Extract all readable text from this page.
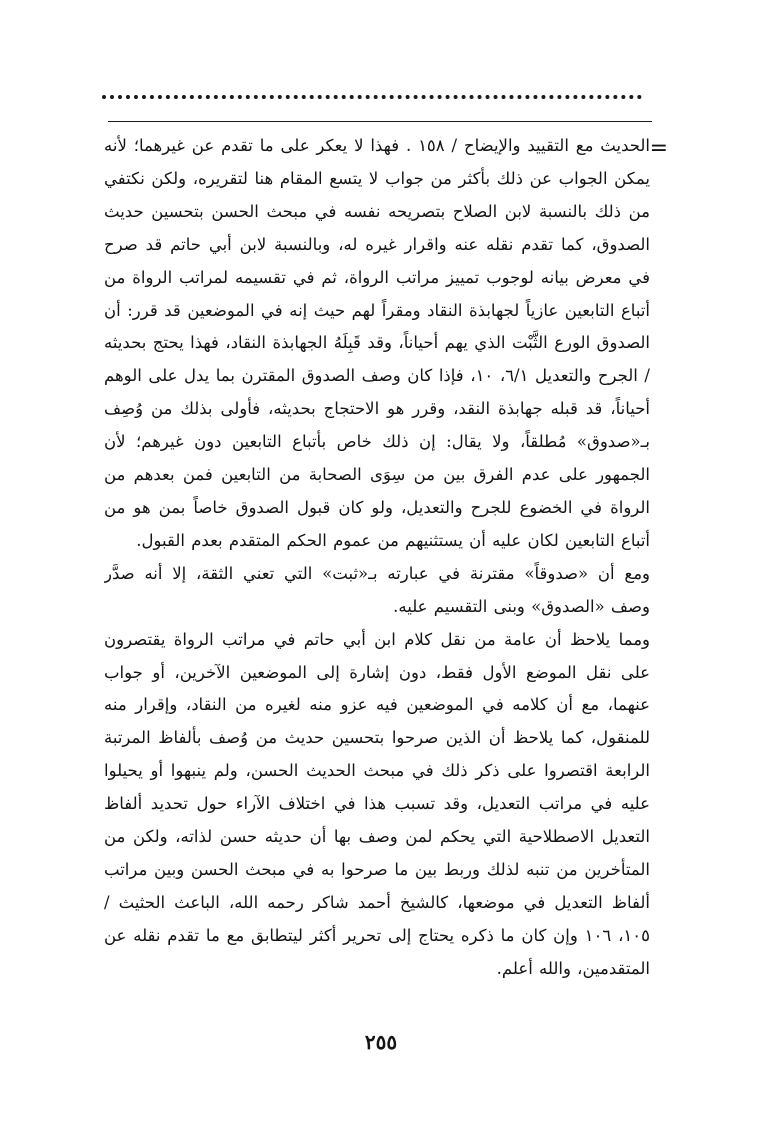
=

الحديث مع التقييد والإيضاح / ١٥٨ . فهذا لا يعكر على ما تقدم عن غيرهما؛ لأنه يمكن الجواب عن ذلك بأكثر من جواب لا يتسع المقام هنا لتقريره، ولكن نكتفي من ذلك بالنسبة لابن الصلاح بتصريحه نفسه في مبحث الحسن بتحسين حديث الصدوق، كما تقدم نقله عنه واقرار غيره له، وبالنسبة لابن أبي حاتم قد صرح في معرض بيانه لوجوب تمييز مراتب الرواة، ثم في تقسيمه لمراتب الرواة من أتباع التابعين عازياً لجهابذة النقاد ومقراً لهم حيث إنه في الموضعين قد قرر: أن الصدوق الورع الثَّبْت الذي يهم أحياناً، وقد قَبِلَهُ الجهابذة النقاد، فهذا يحتج بحديثه / الجرح والتعديل ٦/١، ١٠، فإذا كان وصف الصدوق المقترن بما يدل على الوهم أحياناً، قد قبله جهابذة النقد، وقرر هو الاحتجاج بحديثه، فأولى بذلك من وُصِف بـ«صدوق» مُطلقاً، ولا يقال: إن ذلك خاص بأتباع التابعين دون غيرهم؛ لأن الجمهور على عدم الفرق بين من سِوَى الصحابة من التابعين فمن بعدهم من الرواة في الخضوع للجرح والتعديل، ولو كان قبول الصدوق خاصاً بمن هو من أتباع التابعين لكان عليه أن يستثنيهم من عموم الحكم المتقدم بعدم القبول.

ومع أن «صدوقاً» مقترنة في عبارته بـ«ثبت» التي تعني الثقة، إلا أنه صدَّر وصف «الصدوق» وبنى التقسيم عليه.

ومما يلاحظ أن عامة من نقل كلام ابن أبي حاتم في مراتب الرواة يقتصرون على نقل الموضع الأول فقط، دون إشارة إلى الموضعين الآخرين، أو جواب عنهما، مع أن كلامه في الموضعين فيه عزو منه لغيره من النقاد، وإقرار منه للمنقول، كما يلاحظ أن الذين صرحوا بتحسين حديث من وُصف بألفاظ المرتبة الرابعة اقتصروا على ذكر ذلك في مبحث الحديث الحسن، ولم ينبهوا أو يحيلوا عليه في مراتب التعديل، وقد تسبب هذا في اختلاف الآراء حول تحديد ألفاظ التعديل الاصطلاحية التي يحكم لمن وصف بها أن حديثه حسن لذاته، ولكن من المتأخرين من تنبه لذلك وربط بين ما صرحوا به في مبحث الحسن وبين مراتب ألفاظ التعديل في موضعها، كالشيخ أحمد شاكر رحمه الله، الباعث الحثيث / ١٠٥، ١٠٦ وإن كان ما ذكره يحتاج إلى تحرير أكثر ليتطابق مع ما تقدم نقله عن المتقدمين، والله أعلم.

٢٥٥
